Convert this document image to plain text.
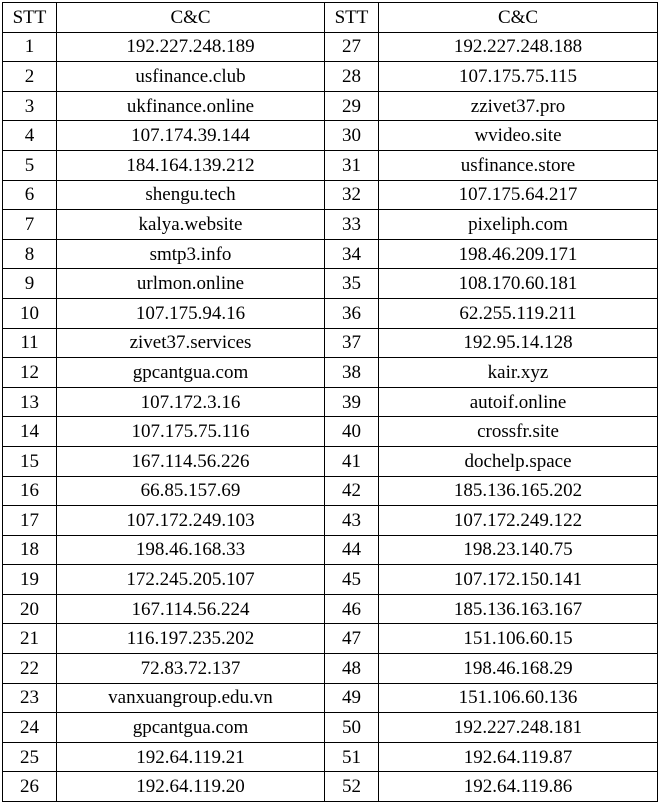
STT	C&C	STT	C&C
1	192.227.248.189	27	192.227.248.188
2	usfinance.club	28	107.175.75.115
3	ukfinance.online	29	zzivet37.pro
4	107.174.39.144	30	wvideo.site
5	184.164.139.212	31	usfinance.store
6	shengu.tech	32	107.175.64.217
7	kalya.website	33	pixeliph.com
8	smtp3.info	34	198.46.209.171
9	urlmon.online	35	108.170.60.181
10	107.175.94.16	36	62.255.119.211
11	zivet37.services	37	192.95.14.128
12	gpcantgua.com	38	kair.xyz
13	107.172.3.16	39	autoif.online
14	107.175.75.116	40	crossfr.site
15	167.114.56.226	41	dochelp.space
16	66.85.157.69	42	185.136.165.202
17	107.172.249.103	43	107.172.249.122
18	198.46.168.33	44	198.23.140.75
19	172.245.205.107	45	107.172.150.141
20	167.114.56.224	46	185.136.163.167
21	116.197.235.202	47	151.106.60.15
22	72.83.72.137	48	198.46.168.29
23	vanxuangroup.edu.vn	49	151.106.60.136
24	gpcantgua.com	50	192.227.248.181
25	192.64.119.21	51	192.64.119.87
26	192.64.119.20	52	192.64.119.86
